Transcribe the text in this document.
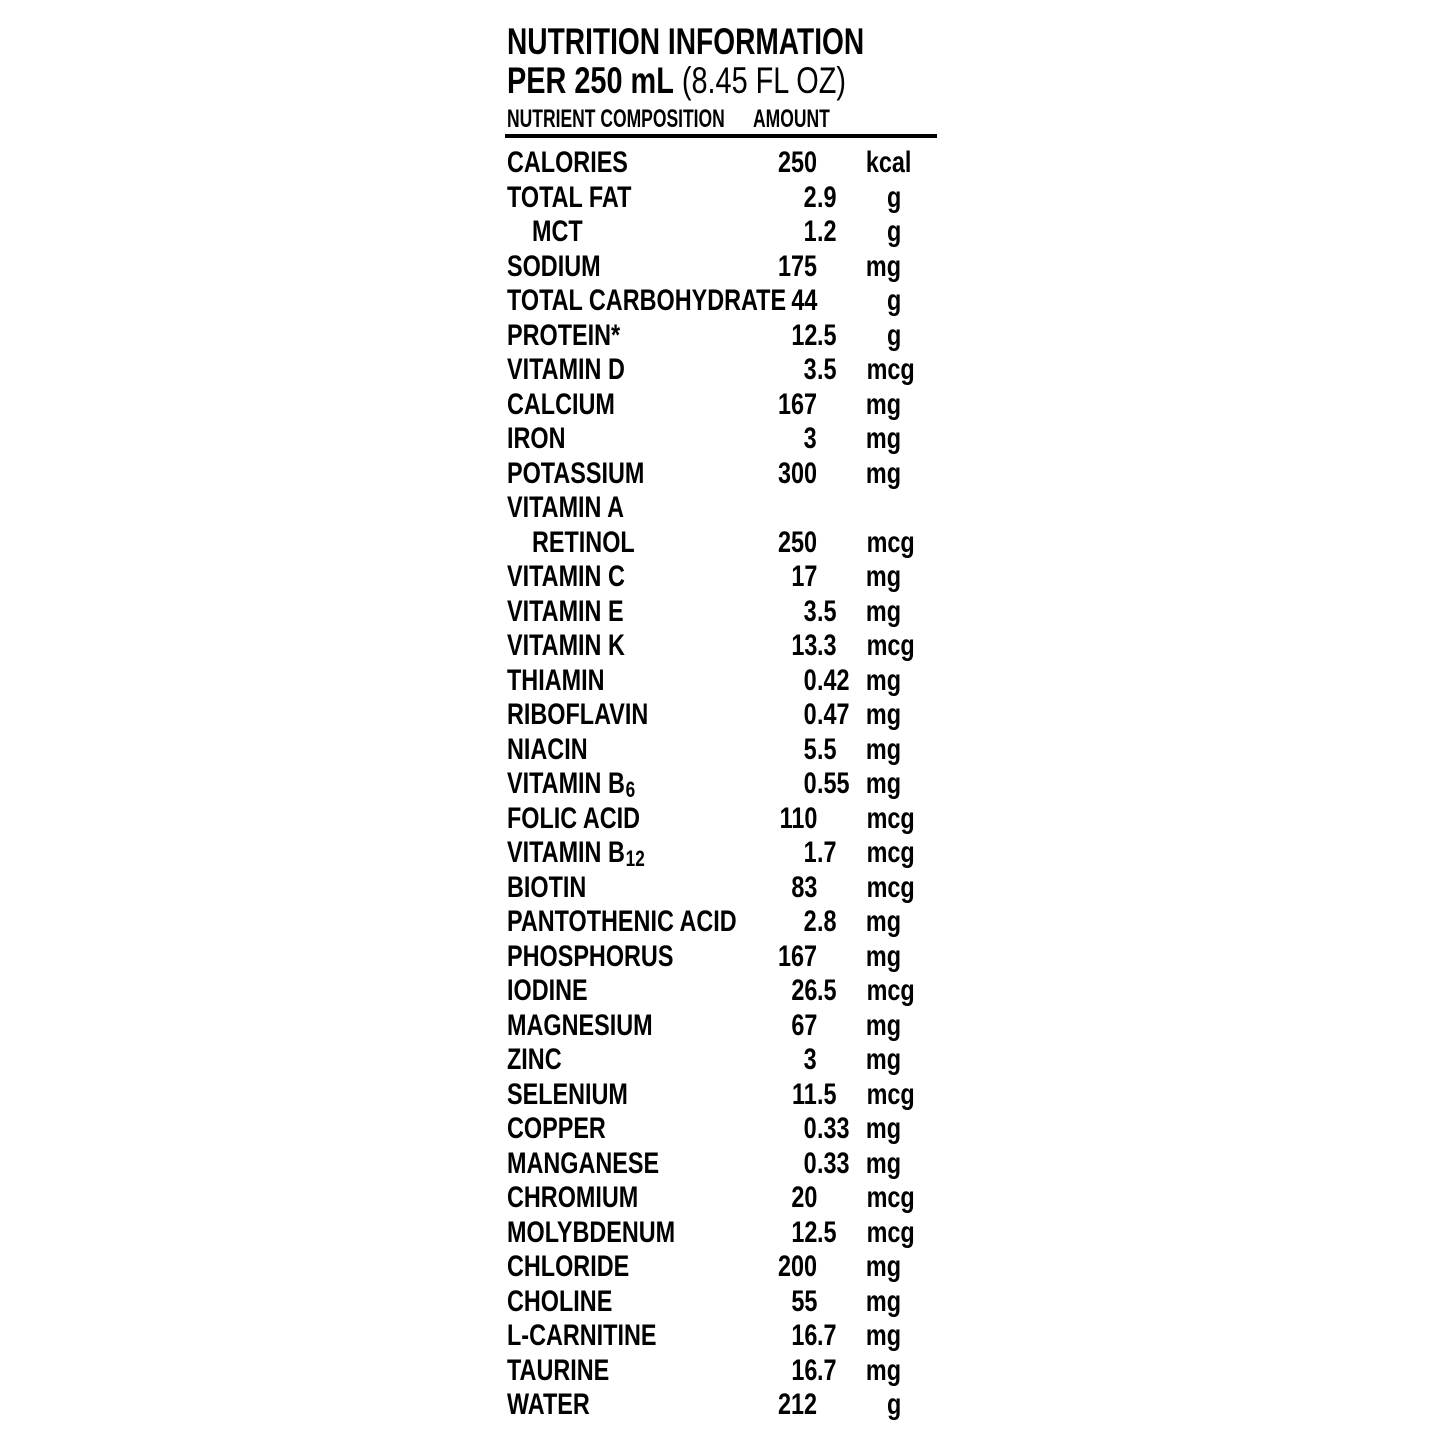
NUTRITION INFORMATION
PER 250 mL (8.45 FL OZ)
NUTRIENT COMPOSITION AMOUNT
CALORIES	250	kcal
TOTAL FAT	2 .9	g
MCT	1 .2	g
SODIUM	175	mg
TOTAL CARBOHYDRATE 44	g
PROTEIN*	12 .5	g
VITAMIN D	3 .5	mcg
CALCIUM	167	mg
IRON	3	mg
POTASSIUM	300	mg
VITAMIN A
RETINOL	250	mcg
VITAMIN C	17	mg
VITAMIN E	3 .5 mg
VITAMIN K	13 .3	mcg
THIAMIN	0 .42 mg
RIBOFLAVIN	0 .47 mg
NIACIN	5 .5 mg
VITAMIN B6	0 .55 mg
FOLIC ACID	110	mcg
VITAMIN B12	1 .7	mcg
BIOTIN	83	mcg
PANTOTHENIC ACID	2 .8 mg
PHOSPHORUS	167	mg
IODINE	26 .5	mcg
MAGNESIUM	67	mg
ZINC	3	mg
SELENIUM	11 .5	mcg
COPPER	0 .33 mg
MANGANESE	0 .33 mg
CHROMIUM	20	mcg
MOLYBDENUM	12 .5	mcg
CHLORIDE	200	mg
CHOLINE	55	mg
L-CARNITINE	16 .7 mg
TAURINE	16 .7 mg
WATER	212	g
